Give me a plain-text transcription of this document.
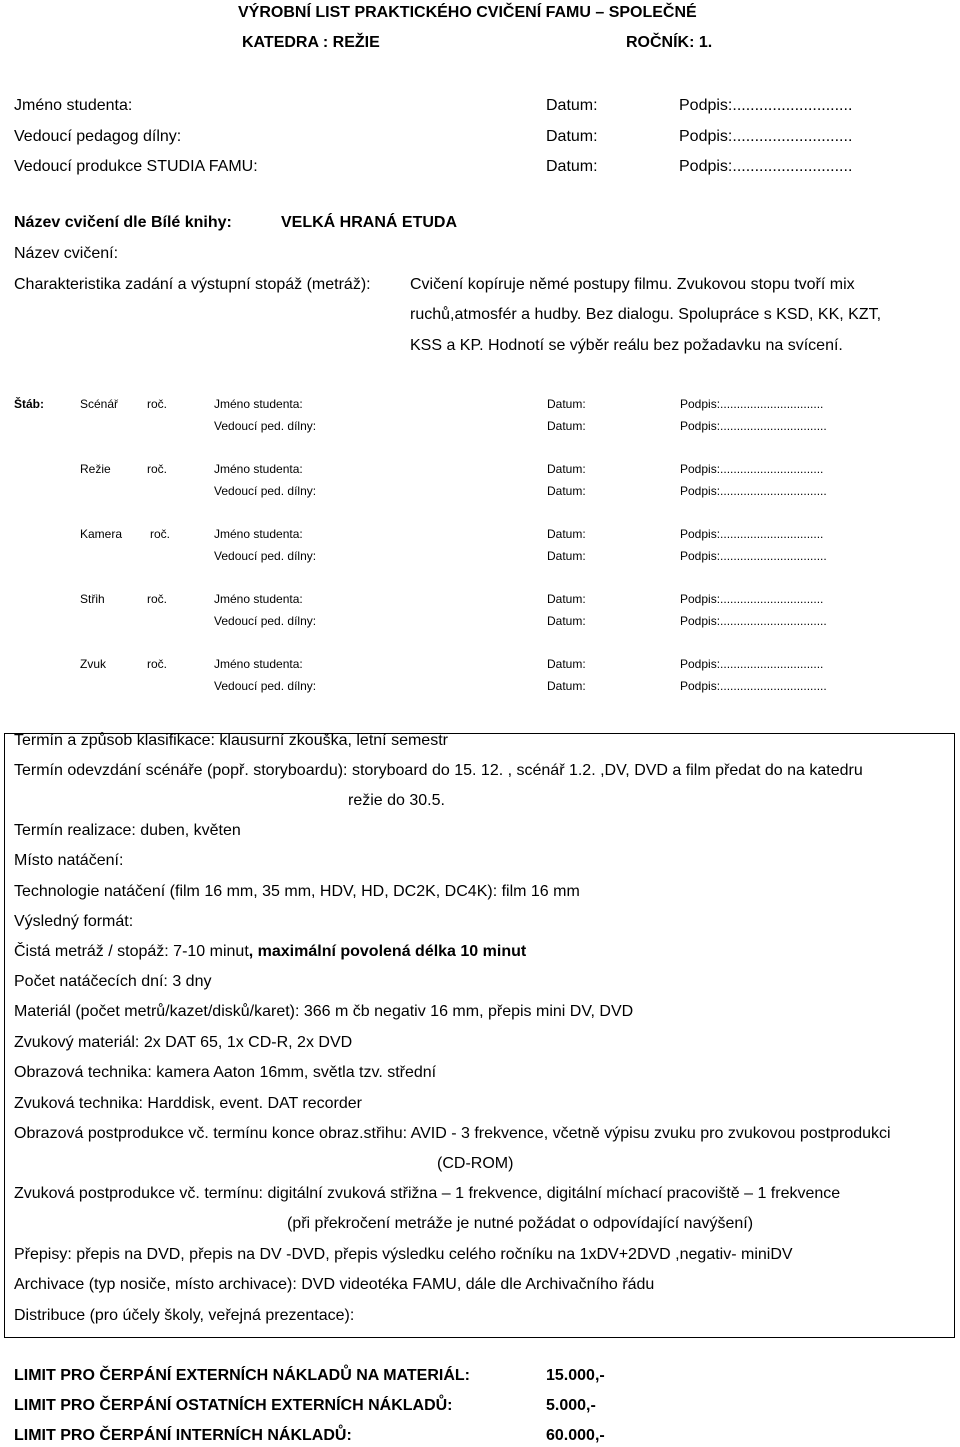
VÝROBNÍ LIST PRAKTICKÉHO CVIČENÍ FAMU – SPOLEČNÉ
KATEDRA : REŽIE	ROČNÍK: 1.
Jméno studenta:	Datum:	Podpis:...........................
Vedoucí pedagog dílny:	Datum:	Podpis:...........................
Vedoucí produkce STUDIA FAMU:	Datum:	Podpis:...........................
Název cvičení dle Bílé knihy:	VELKÁ HRANÁ ETUDA
Název cvičení:
Charakteristika zadání a výstupní stopáž (metráž): Cvičení kopíruje němé postupy filmu. Zvukovou stopu tvoří mix
ruchů,atmosfér a hudby. Bez dialogu. Spolupráce s KSD, KK, KZT,
KSS a KP. Hodnotí se výběr reálu bez požadavku na svícení.
Štáb:	Scénář roč.	Jméno studenta:	Datum:	Podpis:...............................
Vedoucí ped. dílny:	Datum:	Podpis:................................
Režie	roč.	Jméno studenta:	Datum:	Podpis:...............................
Vedoucí ped. dílny:	Datum:	Podpis:................................
Kamera roč.	Jméno studenta:	Datum:	Podpis:...............................
Vedoucí ped. dílny:	Datum:	Podpis:................................
Střih	roč.	Jméno studenta:	Datum:	Podpis:...............................
Vedoucí ped. dílny:	Datum:	Podpis:................................
Zvuk	roč.	Jméno studenta:	Datum:	Podpis:...............................
Vedoucí ped. dílny:	Datum:	Podpis:................................
Termín a způsob klasifikace: klausurní zkouška, letní semestr
Termín odevzdání scénáře (popř. storyboardu): storyboard do 15. 12. , scénář 1.2. ,DV, DVD a film předat do na katedru
režie do 30.5.
Termín realizace: duben, květen
Místo natáčení:
Technologie natáčení (film 16 mm, 35 mm, HDV, HD, DC2K, DC4K): film 16 mm
Výsledný formát:
Čistá metráž / stopáž: 7-10 minut, maximální povolená délka 10 minut
Počet natáčecích dní: 3 dny
Materiál (počet metrů/kazet/disků/karet): 366 m čb negativ 16 mm, přepis mini DV, DVD
Zvukový materiál: 2x DAT 65, 1x CD-R, 2x DVD
Obrazová technika: kamera Aaton 16mm, světla tzv. střední
Zvuková technika: Harddisk, event. DAT recorder
Obrazová postprodukce vč. termínu konce obraz.střihu: AVID - 3 frekvence, včetně výpisu zvuku pro zvukovou postprodukci
(CD-ROM)
Zvuková postprodukce vč. termínu: digitální zvuková střižna – 1 frekvence, digitální míchací pracoviště – 1 frekvence
(při překročení metráže je nutné požádat o odpovídající navýšení)
Přepisy: přepis na DVD, přepis na DV -DVD, přepis výsledku celého ročníku na 1xDV+2DVD ,negativ- miniDV
Archivace (typ nosiče, místo archivace): DVD videotéka FAMU, dále dle Archivačního řádu
Distribuce (pro účely školy, veřejná prezentace):
LIMIT PRO ČERPÁNÍ EXTERNÍCH NÁKLADŮ NA MATERIÁL:	15.000,-
LIMIT PRO ČERPÁNÍ OSTATNÍCH EXTERNÍCH NÁKLADŮ:	5.000,-
LIMIT PRO ČERPÁNÍ INTERNÍCH NÁKLADŮ:	60.000,-
